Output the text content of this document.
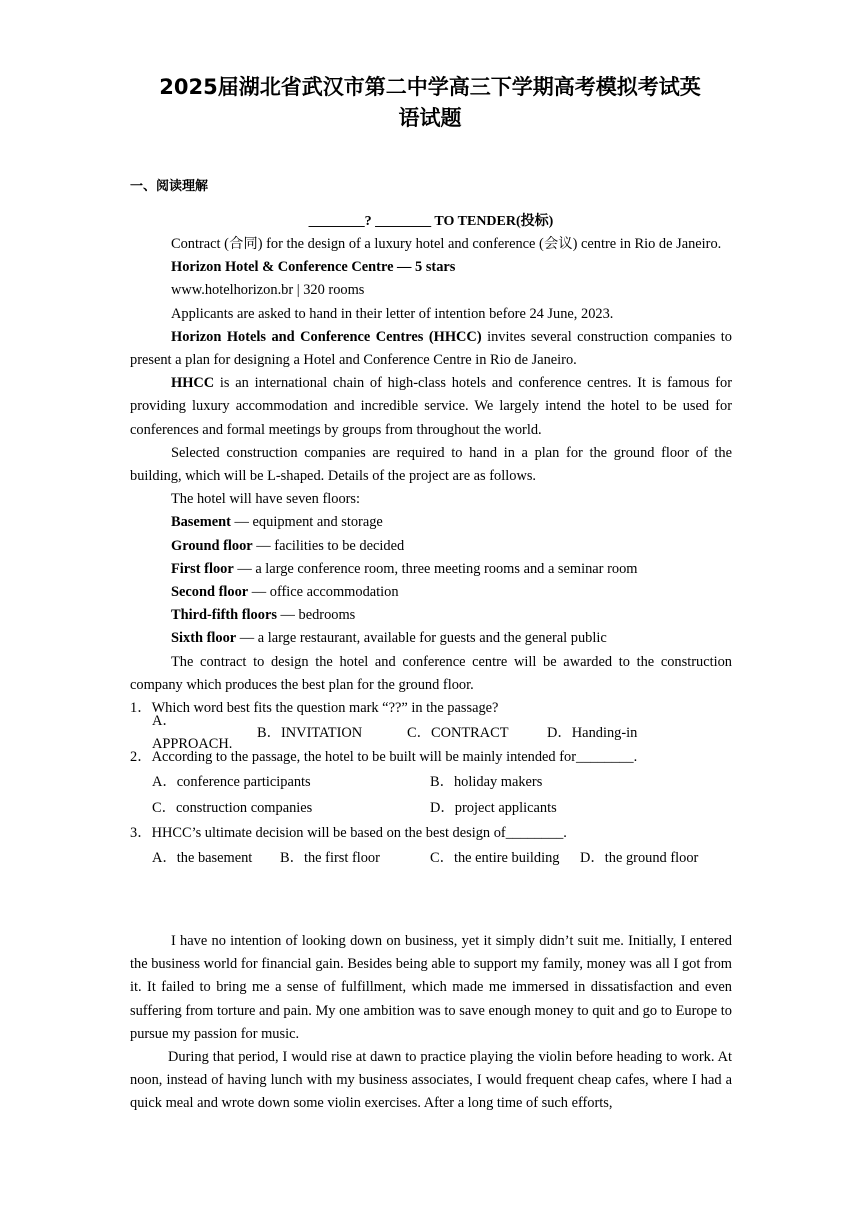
2025届湖北省武汉市第二中学高三下学期高考模拟考试英
语试题
一、阅读理解
________? ________ TO TENDER(投标)

Contract (合同) for the design of a luxury hotel and conference (会议) centre in Rio de Janeiro.

Horizon Hotel & Conference Centre — 5 stars

www.hotelhorizon.br | 320 rooms

Applicants are asked to hand in their letter of intention before 24 June, 2023.

Horizon Hotels and Conference Centres (HHCC) invites several construction companies to present a plan for designing a Hotel and Conference Centre in Rio de Janeiro.

HHCC is an international chain of high-class hotels and conference centres. It is famous for providing luxury accommodation and incredible service. We largely intend the hotel to be used for conferences and formal meetings by groups from throughout the world.

Selected construction companies are required to hand in a plan for the ground floor of the building, which will be L-shaped. Details of the project are as follows.

The hotel will have seven floors:

Basement — equipment and storage

Ground floor — facilities to be decided

First floor — a large conference room, three meeting rooms and a seminar room

Second floor — office accommodation

Third-fifth floors — bedrooms

Sixth floor — a large restaurant, available for guests and the general public

The contract to design the hotel and conference centre will be awarded to the construction company which produces the best plan for the ground floor.

1．Which word best fits the question mark “??” in the passage?

A．APPROACH.
B．INVITATION	C．CONTRACT	D．Handing-in

2．According to the passage, the hotel to be built will be mainly intended for________.

A．conference participants	B．holiday makers
C．construction companies	D．project applicants

3．HHCC’s ultimate decision will be based on the best design of________.

A．the basement	B．the first floor	C．the entire building	D．the ground floor

I have no intention of looking down on business, yet it simply didn’t suit me. Initially, I entered the business world for financial gain. Besides being able to support my family, money was all I got from it. It failed to bring me a sense of fulfillment, which made me immersed in dissatisfaction and even suffering from torture and pain. My one ambition was to save enough money to quit and go to Europe to pursue my passion for music.

During that period, I would rise at dawn to practice playing the violin before heading to work. At noon, instead of having lunch with my business associates, I would frequent cheap cafes, where I had a quick meal and wrote down some violin exercises. After a long time of such efforts,
